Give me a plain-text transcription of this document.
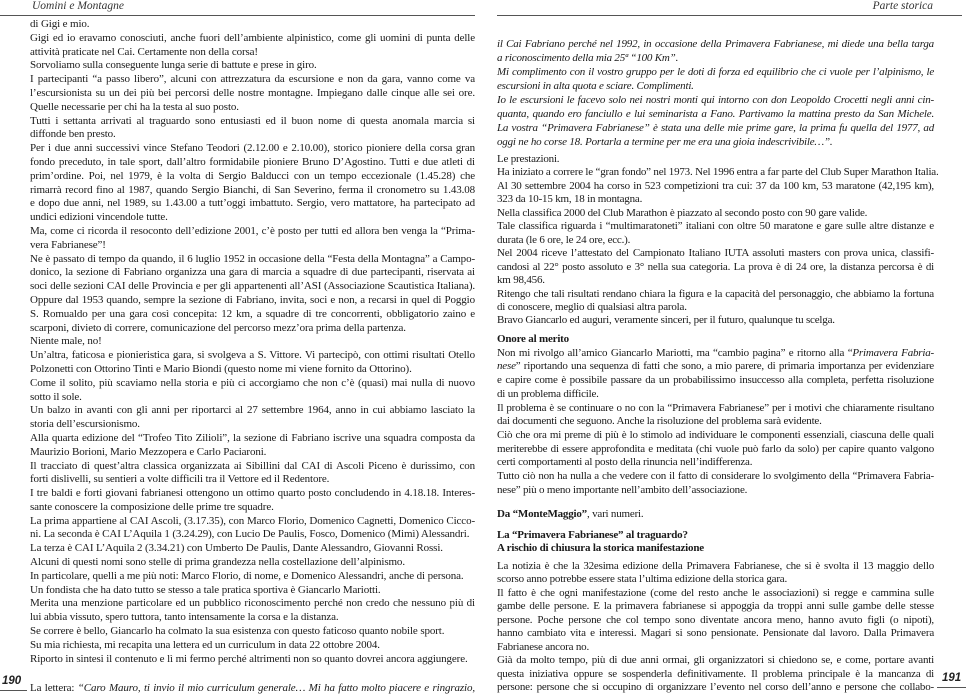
Uomini e Montagne	Parte storica
di Gigi e mio.
Gigi ed io eravamo conosciuti, anche fuori dell’ambiente alpinistico, come gli uomini di punta delle
attività praticate nel Cai. Certamente non della corsa!
Sorvoliamo sulla conseguente lunga serie di battute e prese in giro.
I partecipanti “a passo libero”, alcuni con attrezzatura da escursione e non da gara, vanno come va
l’escursionista su un dei più bei percorsi delle nostre montagne. Impiegano dalle cinque alle sei ore.
Quelle necessarie per chi ha la testa al suo posto.
Tutti i settanta arrivati al traguardo sono entusiasti ed il buon nome di questa anomala marcia si
diffonde ben presto.
Per i due anni successivi vince Stefano Teodori (2.12.00 e 2.10.00), storico pioniere della corsa gran
fondo preceduto, in tale sport, dall’altro formidabile pioniere Bruno D’Agostino. Tutti e due atleti di
prim’ordine. Poi, nel 1979, è la volta di Sergio Balducci con un tempo eccezionale (1.45.28) che
rimarrà record fino al 1987, quando Sergio Bianchi, di San Severino, ferma il cronometro su 1.43.08
e dopo due anni, nel 1989, su 1.43.00 a tutt’oggi imbattuto. Sergio, vero mattatore, ha partecipato ad
undici edizioni vincendole tutte.
Ma, come ci ricorda il resoconto dell’edizione 2001, c’è posto per tutti ed allora ben venga la “Prima-
vera Fabrianese”!
Ne è passato di tempo da quando, il 6 luglio 1952 in occasione della “Festa della Montagna” a Campo-
donico, la sezione di Fabriano organizza una gara di marcia a squadre di due partecipanti, riservata ai
soci delle sezioni CAI delle Provincia e per gli appartenenti all’ASI (Associazione Scautistica Italiana).
Oppure dal 1953 quando, sempre la sezione di Fabriano, invita, soci e non, a recarsi in quel di Poggio
S. Romualdo per una gara così concepita: 12 km, a squadre di tre concorrenti, obbligatorio zaino e
scarponi, divieto di correre, comunicazione del percorso mezz’ora prima della partenza.
Niente male, no!
Un’altra, faticosa e pionieristica gara, si svolgeva a S. Vittore. Vi partecipò, con ottimi risultati Otello
Polzonetti con Ottorino Tinti e Mario Biondi (questo nome mi viene fornito da Ottorino).
Come il solito, più scaviamo nella storia e più ci accorgiamo che non c’è (quasi) mai nulla di nuovo
sotto il sole.
Un balzo in avanti con gli anni per riportarci al 27 settembre 1964, anno in cui abbiamo lasciato la
storia dell’escursionismo.
Alla quarta edizione del “Trofeo Tito Zilioli”, la sezione di Fabriano iscrive una squadra composta da
Maurizio Borioni, Mario Mezzopera e Carlo Paciaroni.
Il tracciato di quest’altra classica organizzata ai Sibillini dal CAI di Ascoli Piceno è durissimo, con
forti dislivelli, su sentieri a volte difficili tra il Vettore ed il Redentore.
I tre baldi e forti giovani fabrianesi ottengono un ottimo quarto posto concludendo in 4.18.18. Interes-
sante conoscere la composizione delle prime tre squadre.
La prima appartiene al CAI Ascoli, (3.17.35), con Marco Florio, Domenico Cagnetti, Domenico Cicco-
ni. La seconda è CAI L’Aquila 1 (3.24.29), con Lucio De Paulis, Fosco, Domenico (Mimì) Alessandri.
La terza è CAI L’Aquila 2 (3.34.21) con Umberto De Paulis, Dante Alessandro, Giovanni Rossi.
Alcuni di questi nomi sono stelle di prima grandezza nella costellazione dell’alpinismo.
In particolare, quelli a me più noti: Marco Florio, di nome, e Domenico Alessandri, anche di persona.
Un fondista che ha dato tutto se stesso a tale pratica sportiva è Giancarlo Mariotti.
Merita una menzione particolare ed un pubblico riconoscimento perché non credo che nessuno più di
lui abbia vissuto, spero tuttora, tanto intensamente la corsa e la distanza.
Se correre è bello, Giancarlo ha colmato la sua esistenza con questo faticoso quanto nobile sport.
Su mia richiesta, mi recapita una lettera ed un curriculum in data 22 ottobre 2004.
Riporto in sintesi il contenuto e lì mi fermo perché altrimenti non so quanto dovrei ancora aggiungere.
La lettera: “Caro Mauro, ti invio il mio curriculum generale… Mi ha fatto molto piacere e ringrazio,
il Cai Fabriano perché nel 1992, in occasione della Primavera Fabrianese, mi diede una bella targa
a riconoscimento della mia 25ª “100 Km”.
Mi complimento con il vostro gruppo per le doti di forza ed equilibrio che ci vuole per l’alpinismo, le
escursioni in alta quota e sciare. Complimenti.
Io le escursioni le facevo solo nei nostri monti qui intorno con don Leopoldo Crocetti negli anni cin-
quanta, quando ero fanciullo e lui seminarista a Fano. Partivamo la mattina presto da San Michele.
La vostra “Primavera Fabrianese” è stata una delle mie prime gare, la prima fu quella del 1977, ad
oggi ne ho corse 18. Portarla a termine per me era una gioia indescrivibile…”.
Le prestazioni.
Ha iniziato a correre le “gran fondo” nel 1973. Nel 1996 entra a far parte del Club Super Marathon Italia.
Al 30 settembre 2004 ha corso in 523 competizioni tra cui: 37 da 100 km, 53 maratone (42,195 km),
323 da 10-15 km, 18 in montagna.
Nella classifica 2000 del Club Marathon è piazzato al secondo posto con 90 gare valide.
Tale classifica riguarda i “multimaratoneti” italiani con oltre 50 maratone e gare sulle altre distanze e
durata (le 6 ore, le 24 ore, ecc.).
Nel 2004 riceve l’attestato del Campionato Italiano IUTA assoluti masters con prova unica, classifi-
candosi al 22° posto assoluto e 3° nella sua categoria. La prova è di 24 ore, la distanza percorsa è di
km 98,456.
Ritengo che tali risultati rendano chiara la figura e la capacità del personaggio, che abbiamo la fortuna
di conoscere, meglio di qualsiasi altra parola.
Bravo Giancarlo ed auguri, veramente sinceri, per il futuro, qualunque tu scelga.
Onore al merito
Non mi rivolgo all’amico Giancarlo Mariotti, ma “cambio pagina” e ritorno alla “Primavera Fabria-
nese” riportando una sequenza di fatti che sono, a mio parere, di primaria importanza per evidenziare
e capire come è possibile passare da un probabilissimo insuccesso alla completa, perfetta risoluzione
di un problema difficile.
Il problema è se continuare o no con la “Primavera Fabrianese” per i motivi che chiaramente risultano
dai documenti che seguono. Anche la risoluzione del problema sarà evidente.
Ciò che ora mi preme di più è lo stimolo ad individuare le componenti essenziali, ciascuna delle quali
meriterebbe di essere approfondita e meditata (chi vuole può farlo da solo) per capire quanto valgono
certi comportamenti al posto della rinuncia nell’indifferenza.
Tutto ciò non ha nulla a che vedere con il fatto di considerare lo svolgimento della “Primavera Fabria-
nese” più o meno importante nell’ambito dell’associazione.
Da “MonteMaggio”, vari numeri.
La “Primavera Fabrianese” al traguardo?
A rischio di chiusura la storica manifestazione
La notizia è che la 32esima edizione della Primavera Fabrianese, che si è svolta il 13 maggio dello
scorso anno potrebbe essere stata l’ultima edizione della storica gara.
Il fatto è che ogni manifestazione (come del resto anche le associazioni) si regge e cammina sulle
gambe delle persone. E la primavera fabrianese si appoggia da troppi anni sulle gambe delle stesse
persone. Poche persone che col tempo sono diventate ancora meno, hanno avuto figli (o nipoti),
hanno cambiato vita e interessi. Magari si sono pensionate. Pensionate dal lavoro. Dalla Primavera
Fabrianese ancora no.
Già da molto tempo, più di due anni ormai, gli organizzatori si chiedono se, e come, portare avanti
questa iniziativa oppure se sospenderla definitivamente. Il problema principale è la mancanza di
persone: persone che si occupino di organizzare l’evento nel corso dell’anno e persone che collabo-
190	191
